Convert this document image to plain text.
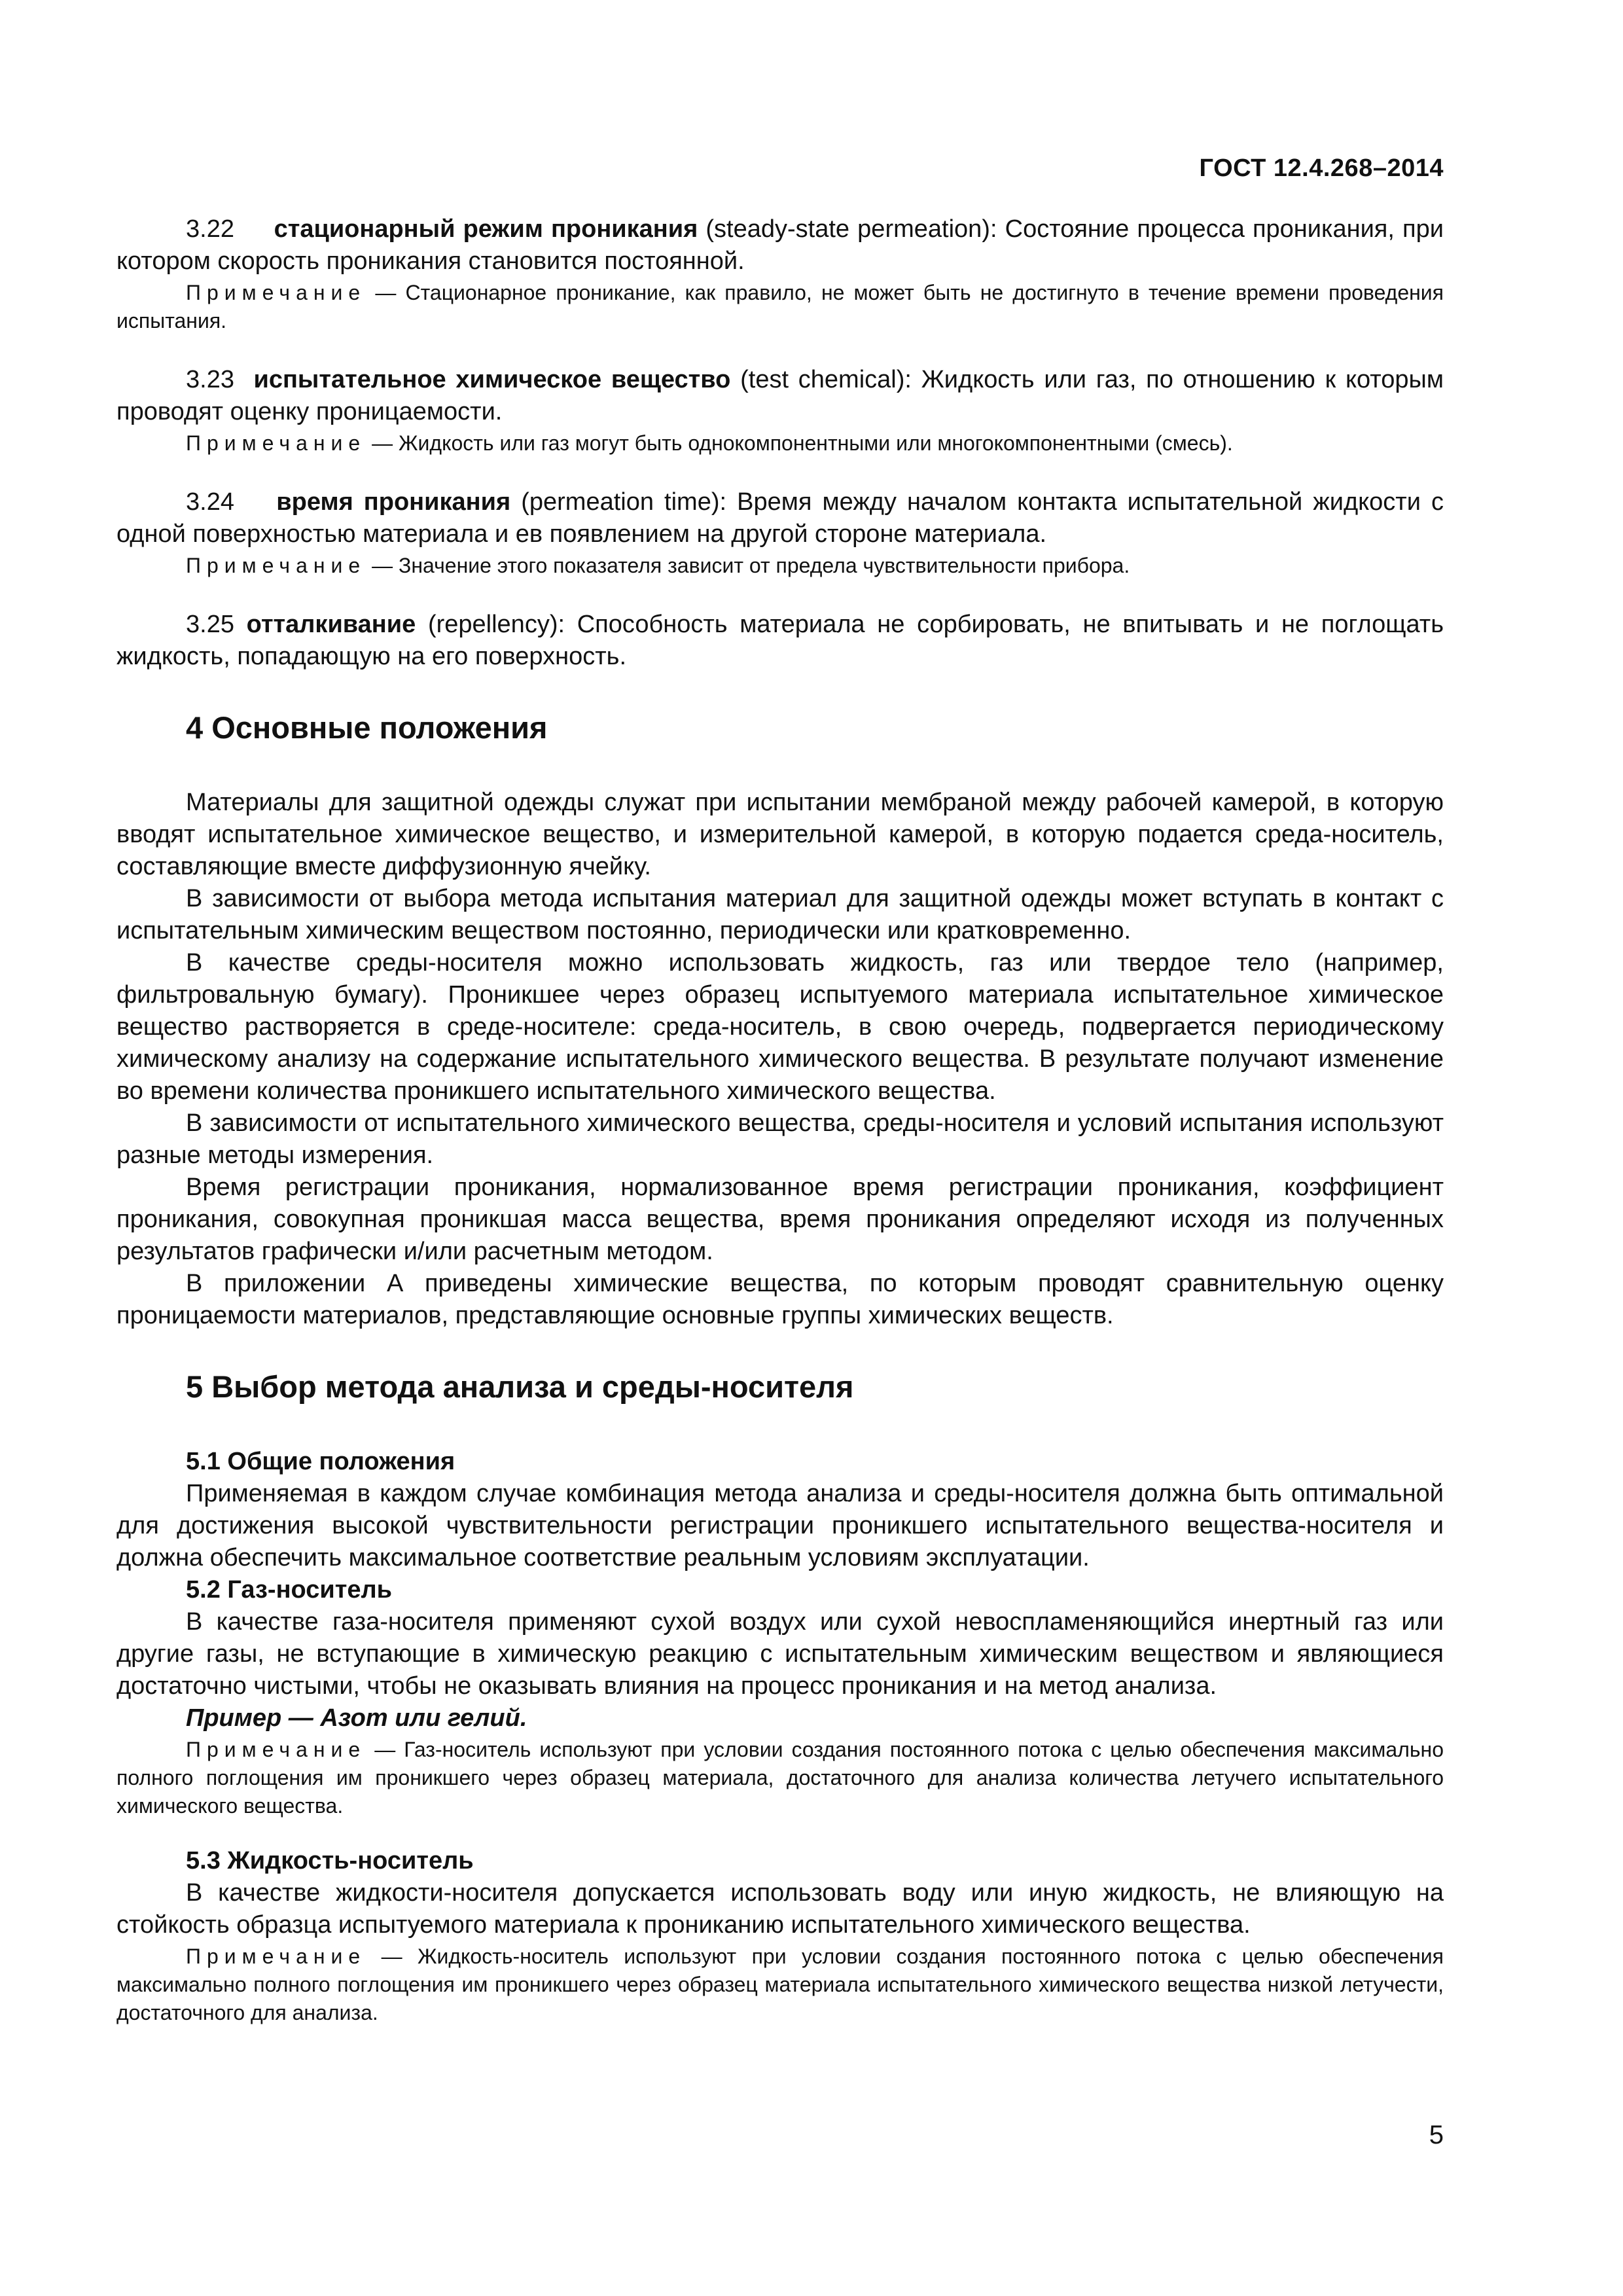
ГОСТ 12.4.268–2014

3.22 стационарный режим проникания (steady-state permeation): Состояние процесса проникания, при котором скорость проникания становится постоянной.

Примечание — Стационарное проникание, как правило, не может быть не достигнуто в течение времени проведения испытания.

3.23 испытательное химическое вещество (test chemical): Жидкость или газ, по отношению к которым проводят оценку проницаемости.

Примечание — Жидкость или газ могут быть однокомпонентными или многокомпонентными (смесь).

3.24 время проникания (permeation time): Время между началом контакта испытательной жидкости с одной поверхностью материала и ев появлением на другой стороне материала.

Примечание — Значение этого показателя зависит от предела чувствительности прибора.

3.25 отталкивание (repellency): Способность материала не сорбировать, не впитывать и не поглощать жидкость, попадающую на его поверхность.

4 Основные положения

Материалы для защитной одежды служат при испытании мембраной между рабочей камерой, в которую вводят испытательное химическое вещество, и измерительной камерой, в которую подается среда-носитель, составляющие вместе диффузионную ячейку.

В зависимости от выбора метода испытания материал для защитной одежды может вступать в контакт с испытательным химическим веществом постоянно, периодически или кратковременно.

В качестве среды-носителя можно использовать жидкость, газ или твердое тело (например, фильтровальную бумагу). Проникшее через образец испытуемого материала испытательное химическое вещество растворяется в среде-носителе: среда-носитель, в свою очередь, подвергается периодическому химическому анализу на содержание испытательного химического вещества. В результате получают изменение во времени количества проникшего испытательного химического вещества.

В зависимости от испытательного химического вещества, среды-носителя и условий испытания используют разные методы измерения.

Время регистрации проникания, нормализованное время регистрации проникания, коэффициент проникания, совокупная проникшая масса вещества, время проникания определяют исходя из полученных результатов графически и/или расчетным методом.

В приложении А приведены химические вещества, по которым проводят сравнительную оценку проницаемости материалов, представляющие основные группы химических веществ.

5 Выбор метода анализа и среды-носителя

5.1 Общие положения

Применяемая в каждом случае комбинация метода анализа и среды-носителя должна быть оптимальной для достижения высокой чувствительности регистрации проникшего испытательного вещества-носителя и должна обеспечить максимальное соответствие реальным условиям эксплуатации.

5.2 Газ-носитель

В качестве газа-носителя применяют сухой воздух или сухой невоспламеняющийся инертный газ или другие газы, не вступающие в химическую реакцию с испытательным химическим веществом и являющиеся достаточно чистыми, чтобы не оказывать влияния на процесс проникания и на метод анализа.

Пример — Азот или гелий.

Примечание — Газ-носитель используют при условии создания постоянного потока с целью обеспечения максимально полного поглощения им проникшего через образец материала, достаточного для анализа количества летучего испытательного химического вещества.

5.3 Жидкость-носитель

В качестве жидкости-носителя допускается использовать воду или иную жидкость, не влияющую на стойкость образца испытуемого материала к прониканию испытательного химического вещества.

Примечание — Жидкость-носитель используют при условии создания постоянного потока с целью обеспечения максимально полного поглощения им проникшего через образец материала испытательного химического вещества низкой летучести, достаточного для анализа.

5
